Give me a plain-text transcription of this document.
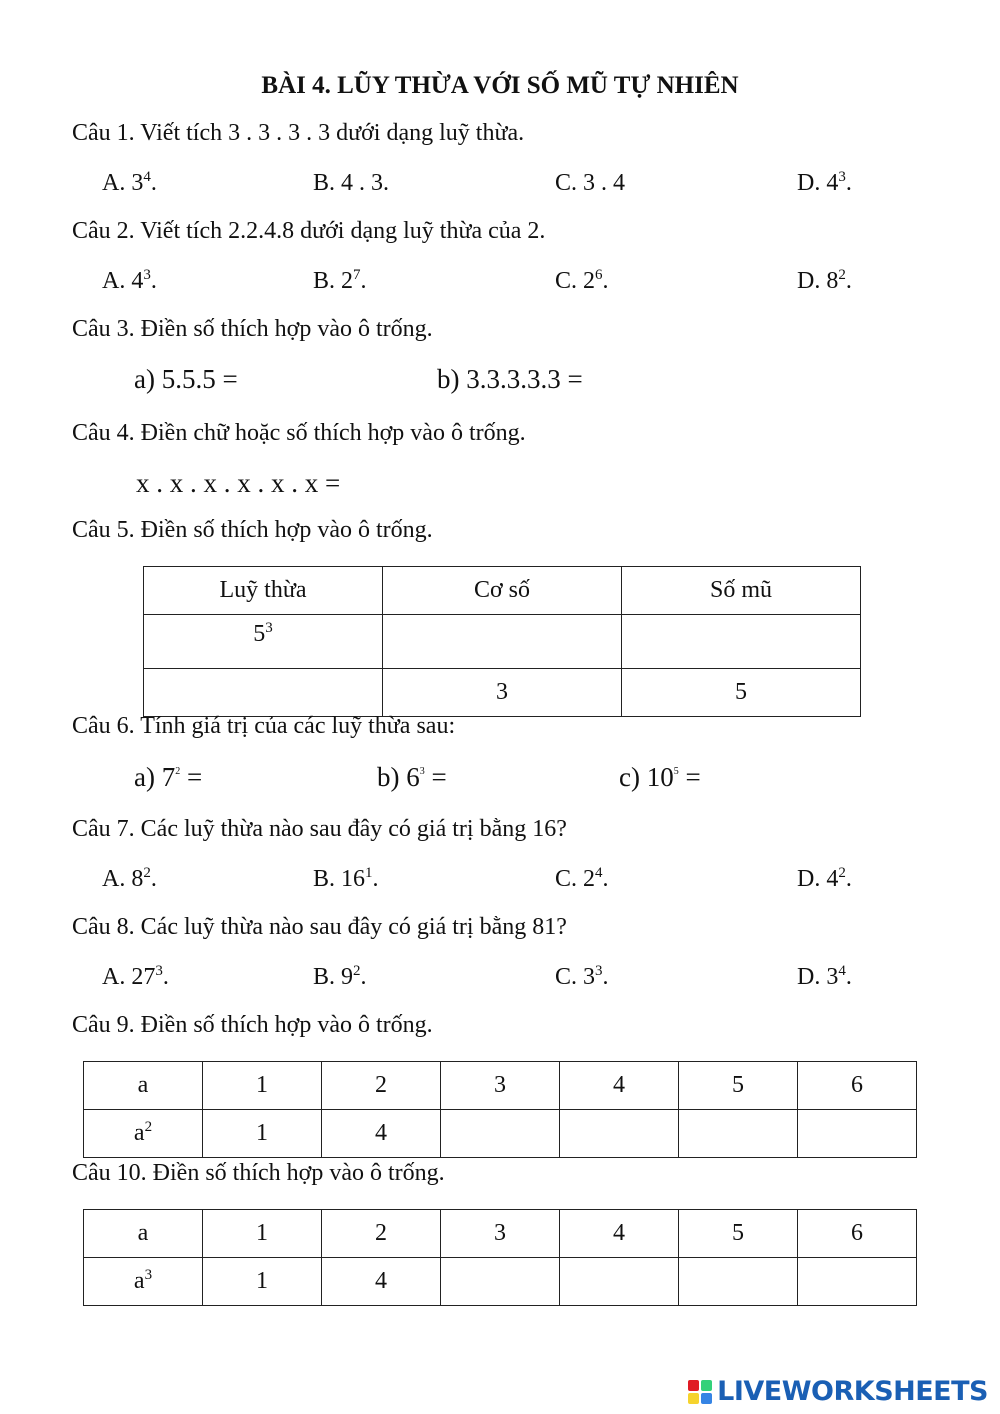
BÀI 4. LŨY THỪA VỚI SỐ MŨ TỰ NHIÊN
Câu 1. Viết tích 3 . 3 . 3 . 3 dưới dạng luỹ thừa.
A. $3^4$.	B. 4 . 3.	C. 3 . 4	D. $4^3$.
Câu 2. Viết tích 2.2.4.8 dưới dạng luỹ thừa của 2.
A. $4^3$.	B. $2^7$.	C. $2^6$.	D. $8^2$.
Câu 3. Điền số thích hợp vào ô trống.
a) 5.5.5 =	b) 3.3.3.3.3 =
Câu 4. Điền chữ hoặc số thích hợp vào ô trống.
x . x . x . x . x . x =
Câu 5. Điền số thích hợp vào ô trống.
Luỹ thừa	Cơ số	Số mũ
$5^3$		
	3	5
Câu 6. Tính giá trị của các luỹ thừa sau:
a) $7^2$ =	b) $6^3$ =	c) $10^5$ =
Câu 7. Các luỹ thừa nào sau đây có giá trị bằng 16?
A. $8^2$.	B. $16^1$.	C. $2^4$.	D. $4^2$.
Câu 8. Các luỹ thừa nào sau đây có giá trị bằng 81?
A. $27^3$.	B. $9^2$.	C. $3^3$.	D. $3^4$.
Câu 9. Điền số thích hợp vào ô trống.
a	1	2	3	4	5	6
$a^2$	1	4				
Câu 10. Điền số thích hợp vào ô trống.
a	1	2	3	4	5	6
$a^3$	1	4				
LIVEWORKSHEETS
